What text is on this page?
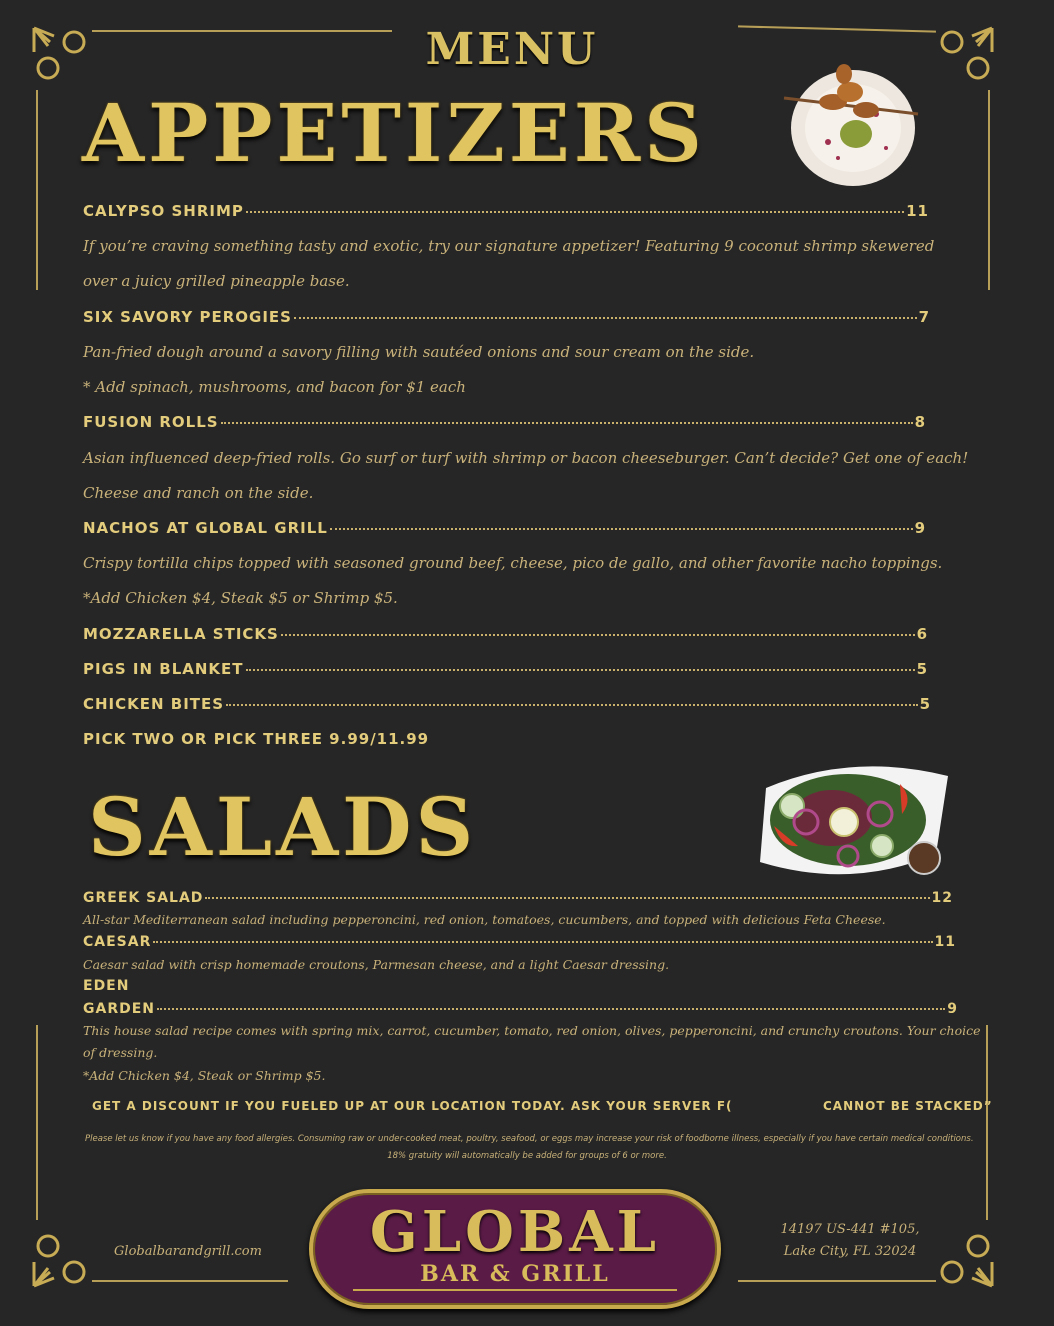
MENU
APPETIZERS
CALYPSO SHRIMP	11
If you’re craving something tasty and exotic, try our signature appetizer! Featuring 9 coconut shrimp skewered
over a juicy grilled pineapple base.
SIX SAVORY PEROGIES	7
Pan-fried dough around a savory filling with sautéed onions and sour cream on the side.
* Add spinach, mushrooms, and bacon for $1 each
FUSION ROLLS	8
Asian influenced deep-fried rolls. Go surf or turf with shrimp or bacon cheeseburger. Can’t decide? Get one of each!
Cheese and ranch on the side.
NACHOS AT GLOBAL GRILL	9
Crispy tortilla chips topped with seasoned ground beef, cheese, pico de gallo, and other favorite nacho toppings.
*Add Chicken $4, Steak $5 or Shrimp $5.
MOZZARELLA STICKS	6
PIGS IN BLANKET	5
CHICKEN BITES	5
PICK TWO OR PICK THREE 9.99/11.99
SALADS
GREEK SALAD	12
All-star Mediterranean salad including pepperoncini, red onion, tomatoes, cucumbers, and topped with delicious Feta Cheese.
CAESAR	11
Caesar salad with crisp homemade croutons, Parmesan cheese, and a light Caesar dressing.
EDEN
GARDEN	9
This house salad recipe comes with spring mix, carrot, cucumber, tomato, red onion, olives, pepperoncini, and crunchy croutons. Your choice
of dressing.
*Add Chicken $4, Steak or Shrimp $5.
GET A DISCOUNT IF YOU FUELED UP AT OUR LOCATION TODAY. ASK YOUR SERVER F(	CANNOT BE STACKED”
Please let us know if you have any food allergies. Consuming raw or under-cooked meat, poultry, seafood, or eggs may increase your risk of foodborne illness, especially if you have certain medical conditions.
18% gratuity will automatically be added for groups of 6 or more.
Globalbarandgrill.com	GLOBAL
BAR & GRILL
14197 US-441 #105,
Lake City, FL 32024
